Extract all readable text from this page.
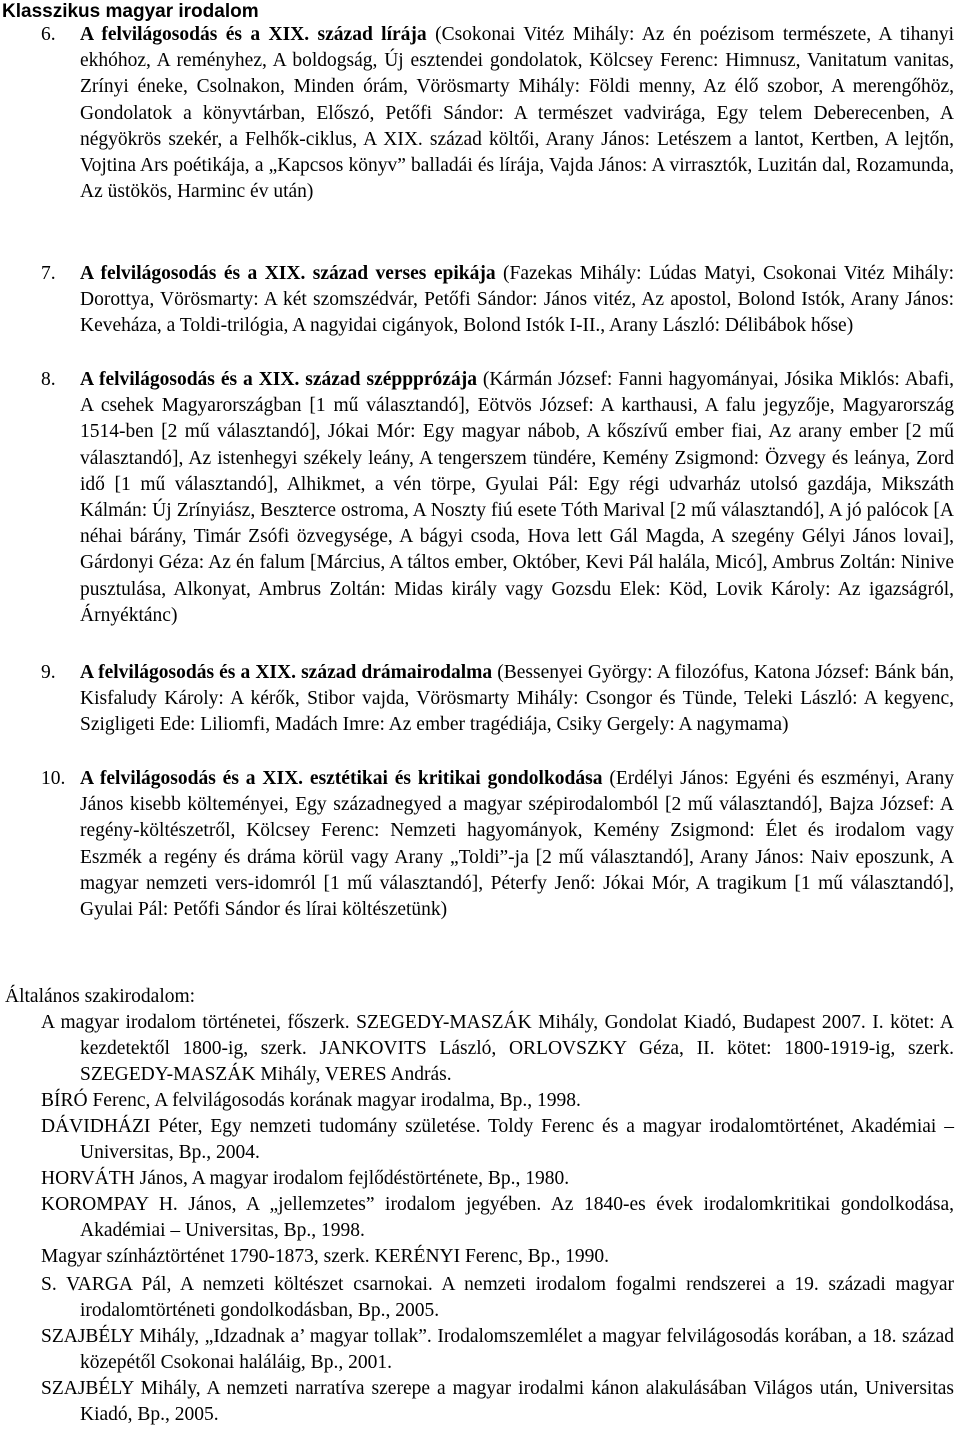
Klasszikus magyar irodalom
6. A felvilágosodás és a XIX. század lírája (Csokonai Vitéz Mihály: Az én poézisom természete, A tihanyi ekhóhoz, A reményhez, A boldogság, Új esztendei gondolatok, Kölcsey Ferenc: Himnusz, Vanitatum vanitas, Zrínyi éneke, Csolnakon, Minden órám, Vörösmarty Mihály: Földi menny, Az élő szobor, A merengőhöz, Gondolatok a könyvtárban, Előszó, Petőfi Sándor: A természet vadvirága, Egy telem Deberecenben, A négyökrös szekér, a Felhők-ciklus, A XIX. század költői, Arany János: Letészem a lantot, Kertben, A lejtőn, Vojtina Ars poétikája, a „Kapcsos könyv” balladái és lírája, Vajda János: A virrasztók, Luzitán dal, Rozamunda, Az üstökös, Harminc év után)
7. A felvilágosodás és a XIX. század verses epikája (Fazekas Mihály: Lúdas Matyi, Csokonai Vitéz Mihály: Dorottya, Vörösmarty: A két szomszédvár, Petőfi Sándor: János vitéz, Az apostol, Bolond Istók, Arany János: Keveháza, a Toldi-trilógia, A nagyidai cigányok, Bolond Istók I-II., Arany László: Délibábok hőse)
8. A felvilágosodás és a XIX. század széppprózája (Kármán József: Fanni hagyományai, Jósika Miklós: Abafi, A csehek Magyarországban [1 mű választandó], Eötvös József: A karthausi, A falu jegyzője, Magyarország 1514-ben [2 mű választandó], Jókai Mór: Egy magyar nábob, A kőszívű ember fiai, Az arany ember [2 mű választandó], Az istenhegyi székely leány, A tengerszem tündére, Kemény Zsigmond: Özvegy és leánya, Zord idő [1 mű választandó], Alhikmet, a vén törpe, Gyulai Pál: Egy régi udvarház utolsó gazdája, Mikszáth Kálmán: Új Zrínyiász, Beszterce ostroma, A Noszty fiú esete Tóth Marival [2 mű választandó], A jó palócok [A néhai bárány, Timár Zsófi özvegysége, A bágyi csoda, Hova lett Gál Magda, A szegény Gélyi János lovai], Gárdonyi Géza: Az én falum [Március, A táltos ember, Október, Kevi Pál halála, Micó], Ambrus Zoltán: Ninive pusztulása, Alkonyat, Ambrus Zoltán: Midas király vagy Gozsdu Elek: Köd, Lovik Károly: Az igazságról, Árnyéktánc)
9. A felvilágosodás és a XIX. század drámairodalma (Bessenyei György: A filozófus, Katona József: Bánk bán, Kisfaludy Károly: A kérők, Stibor vajda, Vörösmarty Mihály: Csongor és Tünde, Teleki László: A kegyenc, Szigligeti Ede: Liliomfi, Madách Imre: Az ember tragédiája, Csiky Gergely: A nagymama)
10. A felvilágosodás és a XIX. esztétikai és kritikai gondolkodása (Erdélyi János: Egyéni és eszményi, Arany János kisebb költeményei, Egy századnegyed a magyar szépirodalomból [2 mű választandó], Bajza József: A regény-költészetről, Kölcsey Ferenc: Nemzeti hagyományok, Kemény Zsigmond: Élet és irodalom vagy Eszmék a regény és dráma körül vagy Arany „Toldi”-ja [2 mű választandó], Arany János: Naiv eposzunk, A magyar nemzeti vers-idomról [1 mű választandó], Péterfy Jenő: Jókai Mór, A tragikum [1 mű választandó], Gyulai Pál: Petőfi Sándor és lírai költészetünk)
Általános szakirodalom:
A magyar irodalom történetei, főszerk. SZEGEDY-MASZÁK Mihály, Gondolat Kiadó, Budapest 2007. I. kötet: A kezdetektől 1800-ig, szerk. JANKOVITS László, ORLOVSZKY Géza, II. kötet: 1800-1919-ig, szerk. SZEGEDY-MASZÁK Mihály, VERES András.
BÍRÓ Ferenc, A felvilágosodás korának magyar irodalma, Bp., 1998.
DÁVIDHÁZI Péter, Egy nemzeti tudomány születése. Toldy Ferenc és a magyar irodalomtörténet, Akadémiai – Universitas, Bp., 2004.
HORVÁTH János, A magyar irodalom fejlődéstörténete, Bp., 1980.
KOROMPAY H. János, A „jellemzetes” irodalom jegyében. Az 1840-es évek irodalomkritikai gondolkodása, Akadémiai – Universitas, Bp., 1998.
Magyar színháztörténet 1790-1873, szerk. KERÉNYI Ferenc, Bp., 1990.
S. VARGA Pál, A nemzeti költészet csarnokai. A nemzeti irodalom fogalmi rendszerei a 19. századi magyar irodalomtörténeti gondolkodásban, Bp., 2005.
SZAJBÉLY Mihály, „Idzadnak a’ magyar tollak”. Irodalomszemlélet a magyar felvilágosodás korában, a 18. század közepétől Csokonai haláláig, Bp., 2001.
SZAJBÉLY Mihály, A nemzeti narratíva szerepe a magyar irodalmi kánon alakulásában Világos után, Universitas Kiadó, Bp., 2005.
